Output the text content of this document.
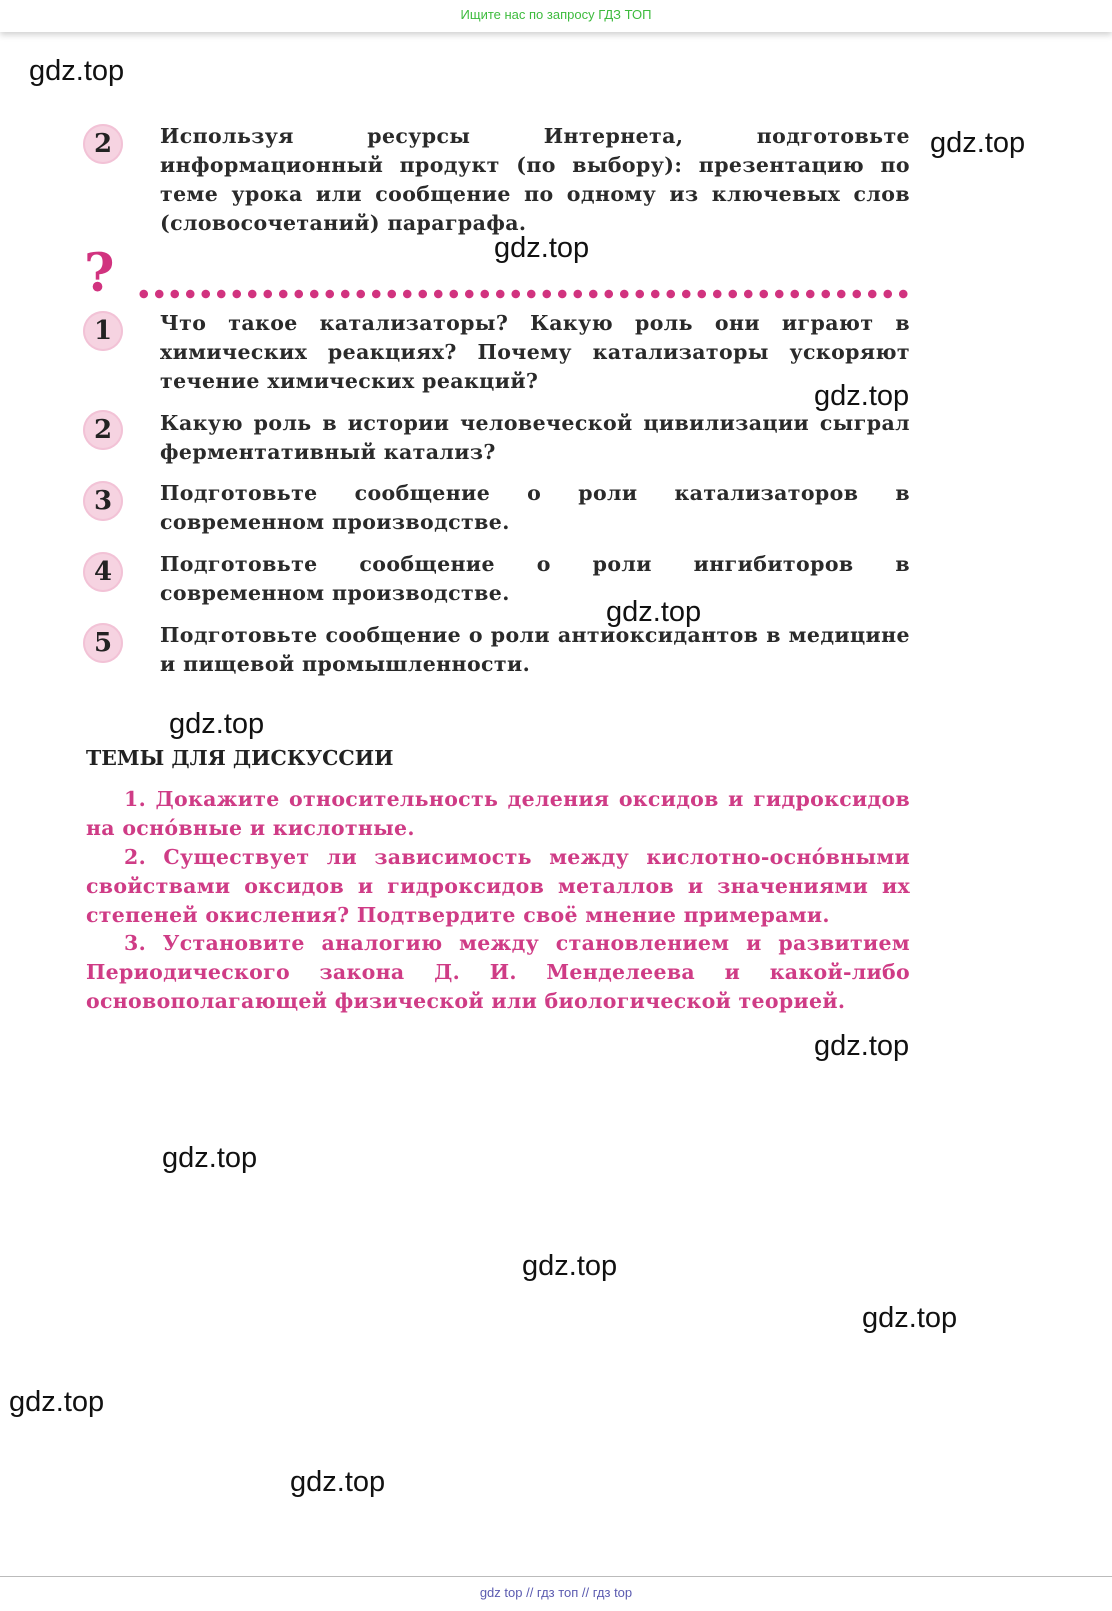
Ищите нас по запросу ГДЗ ТОП
2	Используя ресурсы Интернета, подготовьте информационный продукт (по выбору): презентацию по теме урока или сообщение по одному из ключевых слов (словосочетаний) параграфа.
?
1	Что такое катализаторы? Какую роль они играют в химических реакциях? Почему катализаторы ускоряют течение химических реакций?
2	Какую роль в истории человеческой цивилизации сыграл ферментативный катализ?
3	Подготовьте сообщение о роли катализаторов в современном производстве.
4	Подготовьте сообщение о роли ингибиторов в современном производстве.
5	Подготовьте сообщение о роли антиоксидантов в медицине и пищевой промышленности.
ТЕМЫ ДЛЯ ДИСКУССИИ
1. Докажите относительность деления оксидов и гидроксидов на оснóвные и кислотные.
2. Существует ли зависимость между кислотно-оснóвными свойствами оксидов и гидроксидов металлов и значениями их степеней окисления? Подтвердите своё мнение примерами.
3. Установите аналогию между становлением и развитием Периодического закона Д. И. Менделеева и какой-либо основополагающей физической или биологической теорией.
gdz.top
gdz.top
gdz.top
gdz.top
gdz.top
gdz.top
gdz.top
gdz.top
gdz.top
gdz.top
gdz.top
gdz.top
gdz top // гдз топ // гдз top
